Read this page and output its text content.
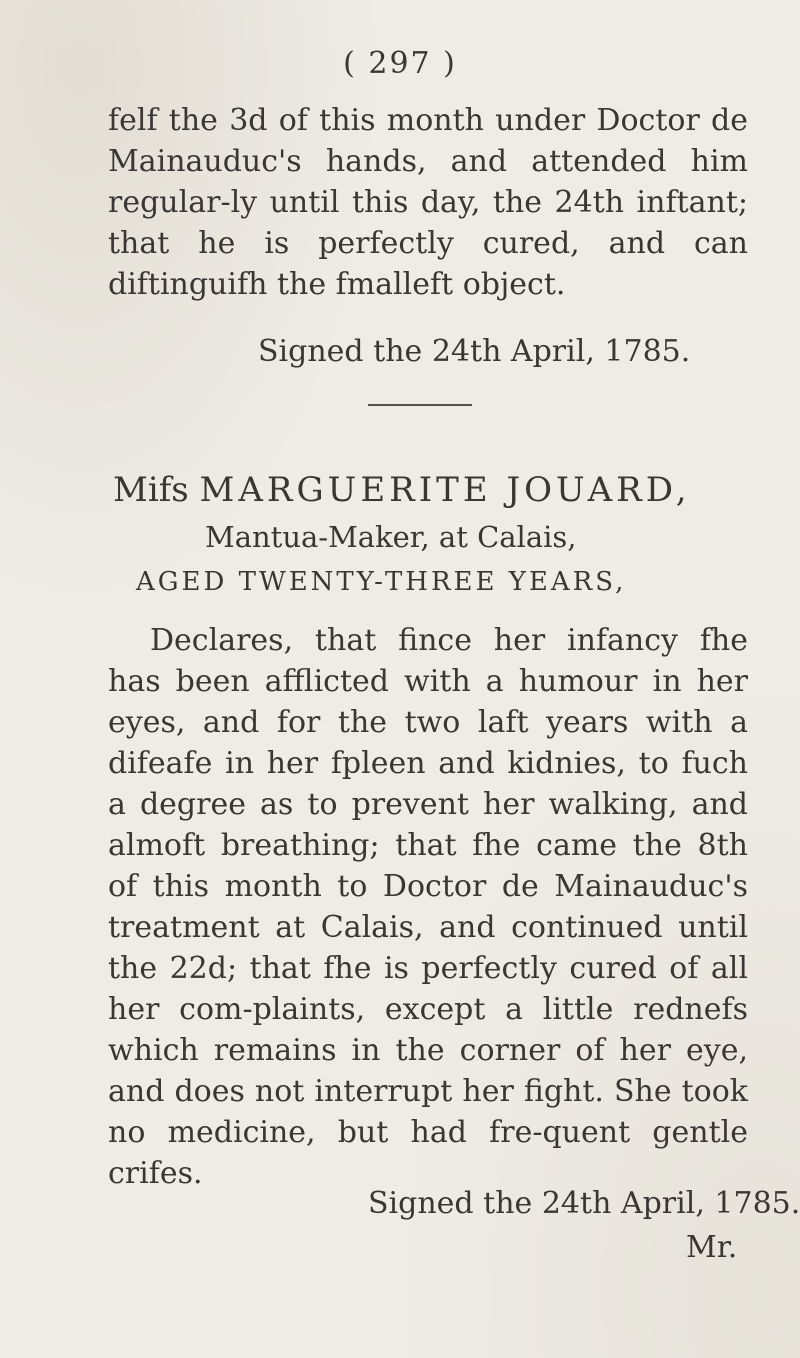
( 297 )

felf the 3d of this month under Doctor de Mainauduc's hands, and attended him regular-ly until this day, the 24th inftant; that he is perfectly cured, and can diftinguifh the fmalleft object.

Signed the 24th April, 1785.
Mifs MARGUERITE JOUARD,
Mantua-Maker, at Calais,
AGED TWENTY-THREE YEARS,

Declares, that fince her infancy fhe has been afflicted with a humour in her eyes, and for the two laft years with a difeafe in her fpleen and kidnies, to fuch a degree as to prevent her walking, and almoft breathing; that fhe came the 8th of this month to Doctor de Mainauduc's treatment at Calais, and continued until the 22d; that fhe is perfectly cured of all her com-plaints, except a little rednefs which remains in the corner of her eye, and does not interrupt her fight. She took no medicine, but had fre-quent gentle crifes.

Signed the 24th April, 1785.
Mr.
